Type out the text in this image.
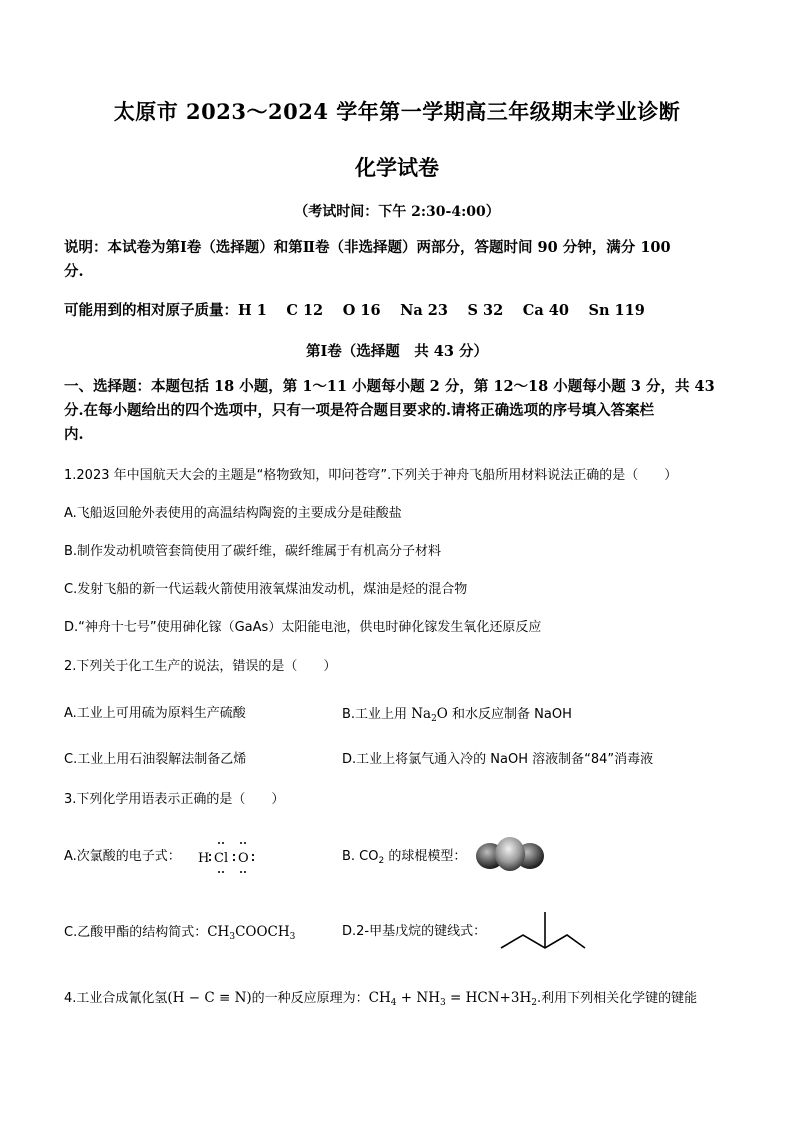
太原市 2023～2024 学年第一学期高三年级期末学业诊断
化学试卷
（考试时间：下午 2:30-4:00）
说明：本试卷为第Ⅰ卷（选择题）和第Ⅱ卷（非选择题）两部分，答题时间 90 分钟，满分 100
分.
可能用到的相对原子质量：H 1　 C 12　 O 16　 Na 23　 S 32　 Ca 40　 Sn 119
第Ⅰ卷（选择题　共 43 分）
一、选择题：本题包括 18 小题，第 1～11 小题每小题 2 分，第 12～18 小题每小题 3 分，共 43
分.在每小题给出的四个选项中，只有一项是符合题目要求的.请将正确选项的序号填入答案栏
内.
1.2023 年中国航天大会的主题是“格物致知，叩问苍穹”.下列关于神舟飞船所用材料说法正确的是（　　）
A.飞船返回舱外表使用的高温结构陶瓷的主要成分是硅酸盐
B.制作发动机喷管套筒使用了碳纤维，碳纤维属于有机高分子材料
C.发射飞船的新一代运载火箭使用液氧煤油发动机，煤油是烃的混合物
D.“神舟十七号”使用砷化镓（GaAs）太阳能电池，供电时砷化镓发生氧化还原反应
2.下列关于化工生产的说法，错误的是（　　）
A.工业上可用硫为原料生产硫酸	B.工业上用 $Na_2O$ 和水反应制备 NaOH
C.工业上用石油裂解法制备乙烯	D.工业上将氯气通入冷的 NaOH 溶液制备“84”消毒液
3.下列化学用语表示正确的是（　　）
A.次氯酸的电子式： H Cl O	B. $CO_2$ 的球棍模型：
C.乙酸甲酯的结构简式：$CH_3COOCH_3$	D.2-甲基戊烷的键线式：
4.工业合成氰化氢(H − C ≡ N)的一种反应原理为：$CH_4 + NH_3 = HCN+3H_2$.利用下列相关化学键的键能
